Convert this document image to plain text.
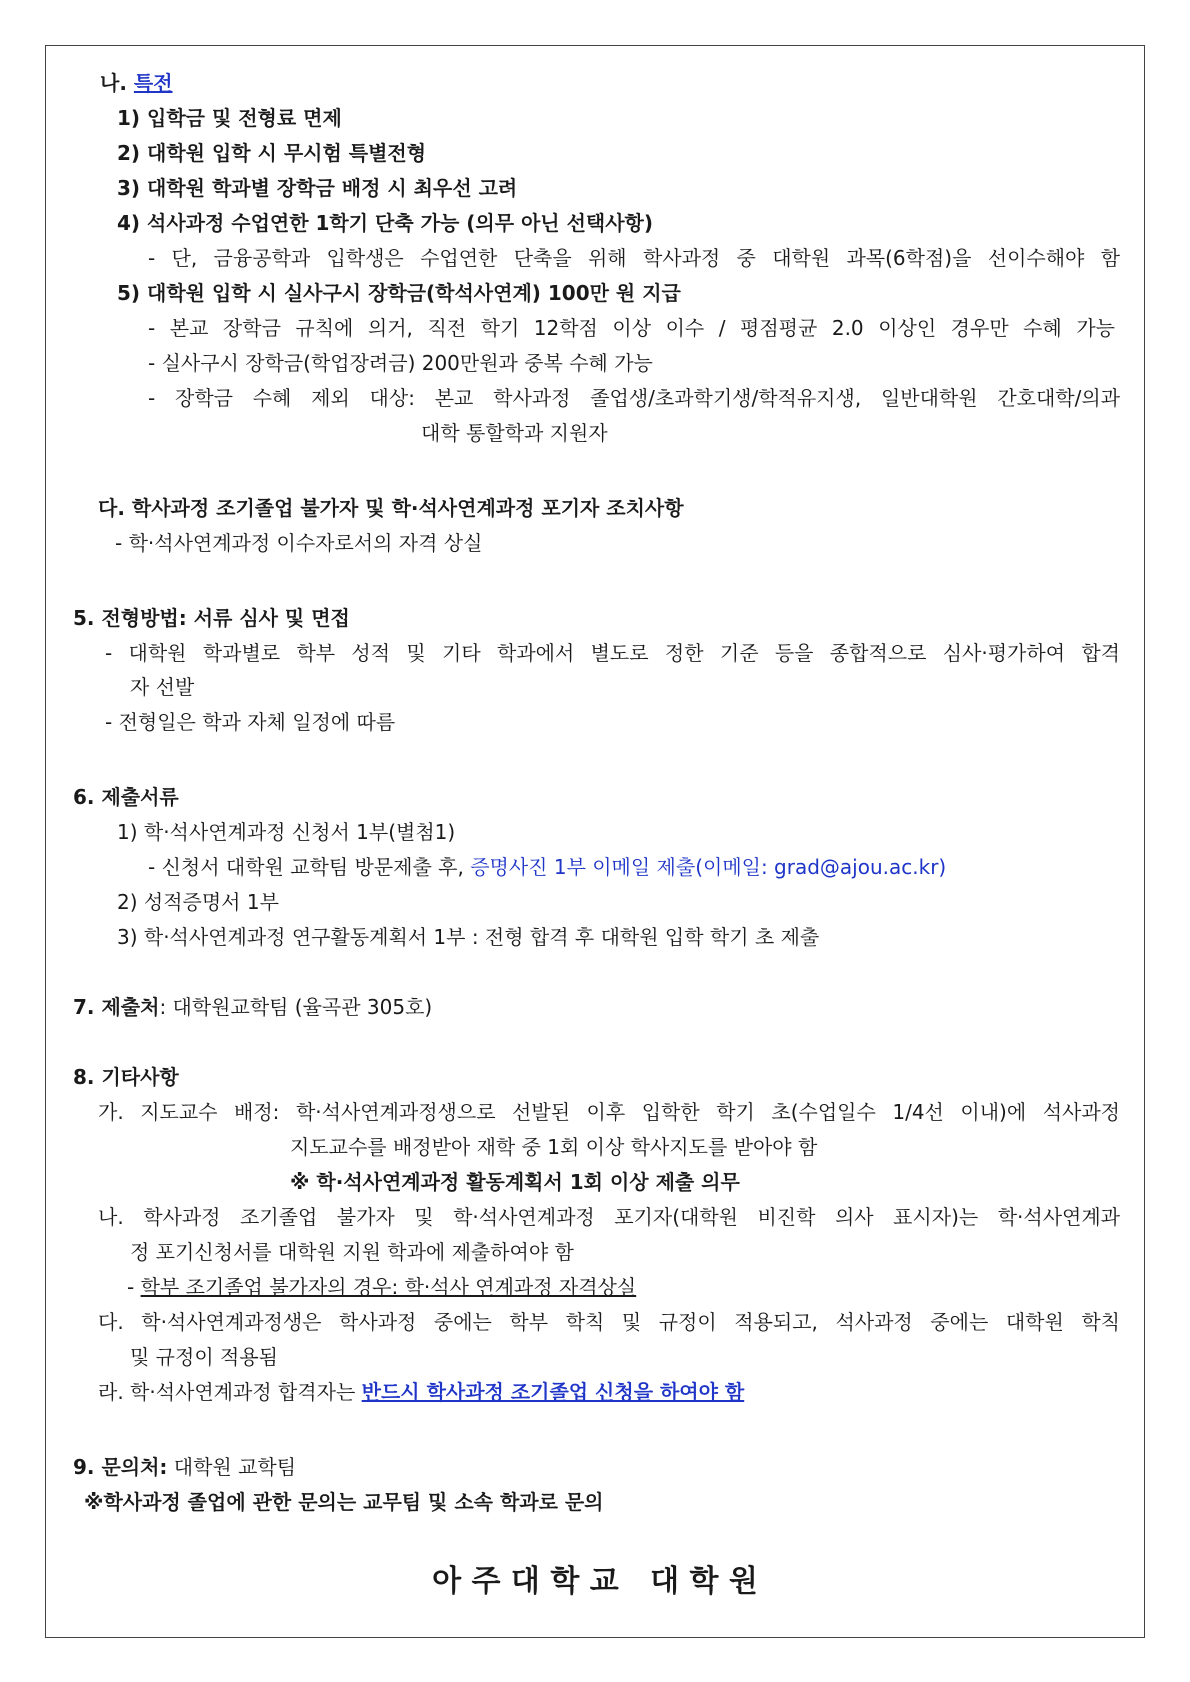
나. 특전
1) 입학금 및 전형료 면제
2) 대학원 입학 시 무시험 특별전형
3) 대학원 학과별 장학금 배정 시 최우선 고려
4) 석사과정 수업연한 1학기 단축 가능 (의무 아닌 선택사항)
- 단, 금융공학과 입학생은 수업연한 단축을 위해 학사과정 중 대학원 과목(6학점)을 선이수해야 함
5) 대학원 입학 시 실사구시 장학금(학석사연계) 100만 원 지급
- 본교 장학금 규칙에 의거, 직전 학기 12학점 이상 이수 / 평점평균 2.0 이상인 경우만 수혜 가능
- 실사구시 장학금(학업장려금) 200만원과 중복 수혜 가능
- 장학금 수혜 제외 대상: 본교 학사과정 졸업생/초과학기생/학적유지생, 일반대학원 간호대학/의과
대학 통할학과 지원자
다. 학사과정 조기졸업 불가자 및 학·석사연계과정 포기자 조치사항
- 학·석사연계과정 이수자로서의 자격 상실
5. 전형방법: 서류 심사 및 면접
- 대학원 학과별로 학부 성적 및 기타 학과에서 별도로 정한 기준 등을 종합적으로 심사·평가하여 합격
자 선발
- 전형일은 학과 자체 일정에 따름
6. 제출서류
1) 학·석사연계과정 신청서 1부(별첨1)
- 신청서 대학원 교학팀 방문제출 후, 증명사진 1부 이메일 제출(이메일: grad@ajou.ac.kr)
2) 성적증명서 1부
3) 학·석사연계과정 연구활동계획서 1부 : 전형 합격 후 대학원 입학 학기 초 제출
7. 제출처: 대학원교학팀 (율곡관 305호)
8. 기타사항
가. 지도교수 배정: 학·석사연계과정생으로 선발된 이후 입학한 학기 초(수업일수 1/4선 이내)에 석사과정
지도교수를 배정받아 재학 중 1회 이상 학사지도를 받아야 함
※ 학·석사연계과정 활동계획서 1회 이상 제출 의무
나. 학사과정 조기졸업 불가자 및 학·석사연계과정 포기자(대학원 비진학 의사 표시자)는 학·석사연계과
정 포기신청서를 대학원 지원 학과에 제출하여야 함
- 학부 조기졸업 불가자의 경우: 학·석사 연계과정 자격상실
다. 학·석사연계과정생은 학사과정 중에는 학부 학칙 및 규정이 적용되고, 석사과정 중에는 대학원 학칙
및 규정이 적용됨
라. 학·석사연계과정 합격자는 반드시 학사과정 조기졸업 신청을 하여야 함
9. 문의처: 대학원 교학팀
※학사과정 졸업에 관한 문의는 교무팀 및 소속 학과로 문의
아 주 대 학 교   대 학 원
